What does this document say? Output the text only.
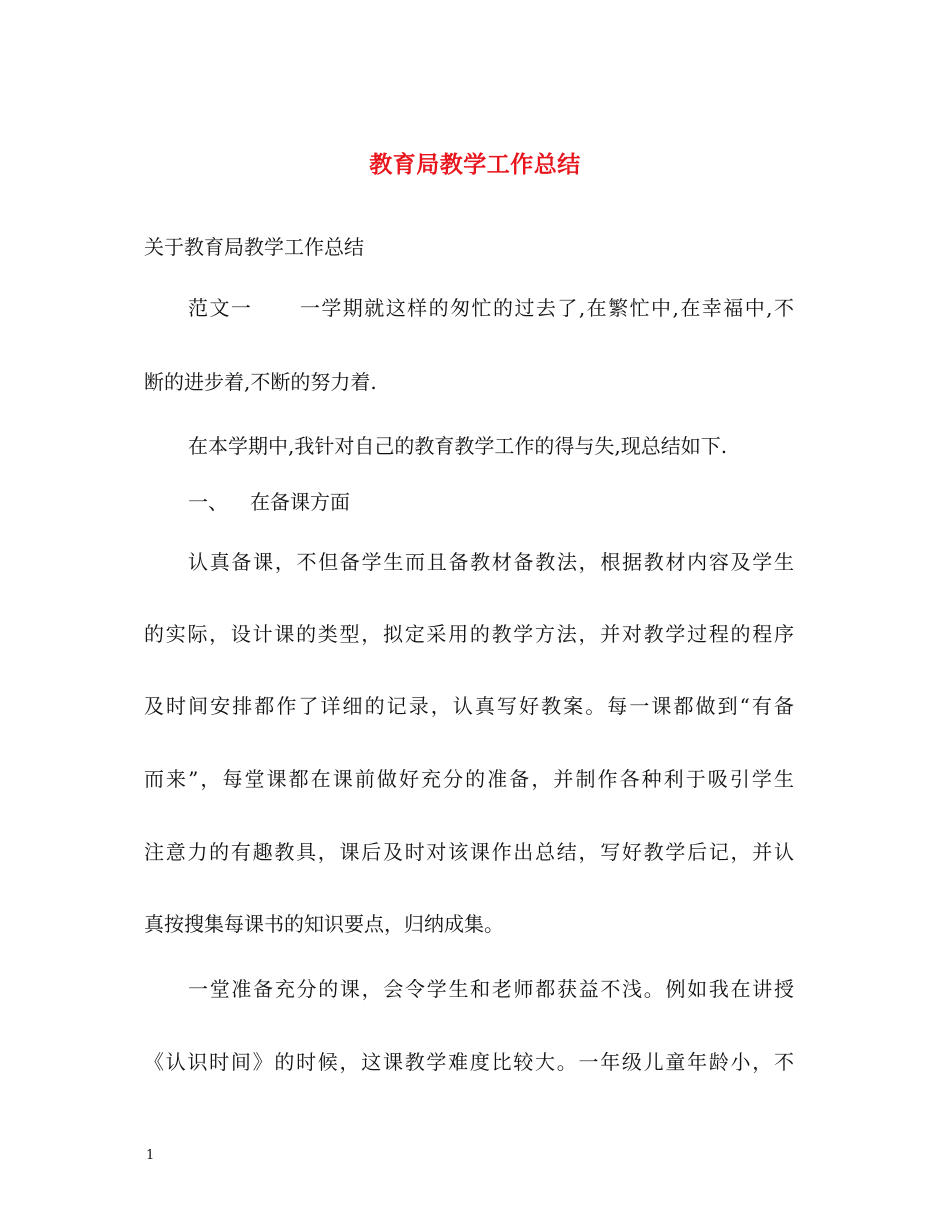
教育局教学工作总结
关于教育局教学工作总结
范文一 一学期就这样的匆忙的过去了,在繁忙中,在幸福中,不
断的进步着,不断的努力着.
在本学期中,我针对自己的教育教学工作的得与失,现总结如下.
一、 在备课方面
认真备课，不但备学生而且备教材备教法，根据教材内容及学生
的实际，设计课的类型，拟定采用的教学方法，并对教学过程的程序
及时间安排都作了详细的记录，认真写好教案。每一课都做到“有备
而来”，每堂课都在课前做好充分的准备，并制作各种利于吸引学生
注意力的有趣教具，课后及时对该课作出总结，写好教学后记，并认
真按搜集每课书的知识要点，归纳成集。
一堂准备充分的课，会令学生和老师都获益不浅。例如我在讲授
《认识时间》的时候，这课教学难度比较大。一年级儿童年龄小，不
1
